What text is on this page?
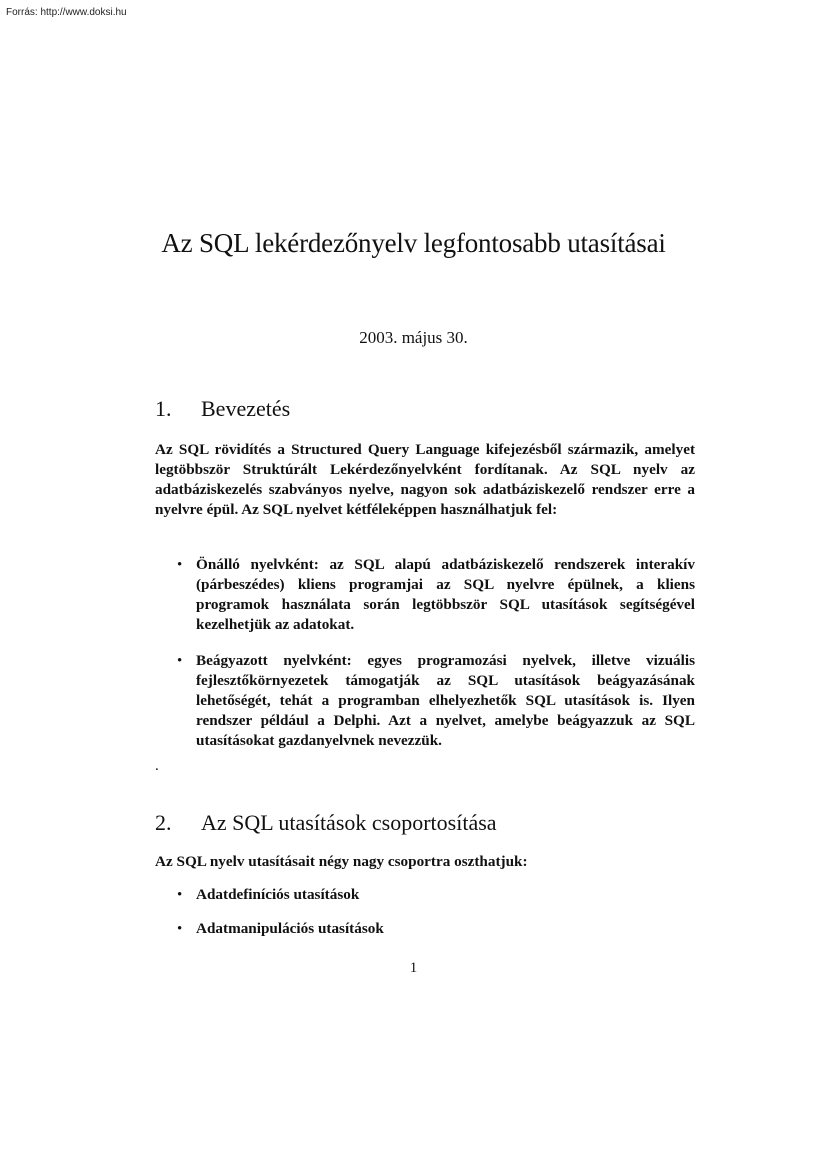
Forrás: http://www.doksi.hu
Az SQL lekérdezőnyelv legfontosabb utasításai
2003. május 30.
1. Bevezetés

Az SQL rövidítés a Structured Query Language kifejezésből származik, amelyet legtöbbször Struktúrált Lekérdezőnyelvként fordítanak. Az SQL nyelv az adatbáziskezelés szabványos nyelve, nagyon sok adatbáziskezelő rendszer erre a nyelvre épül. Az SQL nyelvet kétféleképpen használhatjuk fel:

• Önálló nyelvként: az SQL alapú adatbáziskezelő rendszerek interakív (párbeszédes) kliens programjai az SQL nyelvre épülnek, a kliens programok használata során legtöbbször SQL utasítások segítségével kezelhetjük az adatokat.
• Beágyazott nyelvként: egyes programozási nyelvek, illetve vizuális fejlesztőkörnyezetek támogatják az SQL utasítások beágyazásának lehetőségét, tehát a programban elhelyezhetők SQL utasítások is. Ilyen rendszer például a Delphi. Azt a nyelvet, amelybe beágyazzuk az SQL utasításokat gazdanyelvnek nevezzük.
.
2. Az SQL utasítások csoportosítása

Az SQL nyelv utasításait négy nagy csoportra oszthatjuk:

• Adatdefiníciós utasítások
• Adatmanipulációs utasítások
1
